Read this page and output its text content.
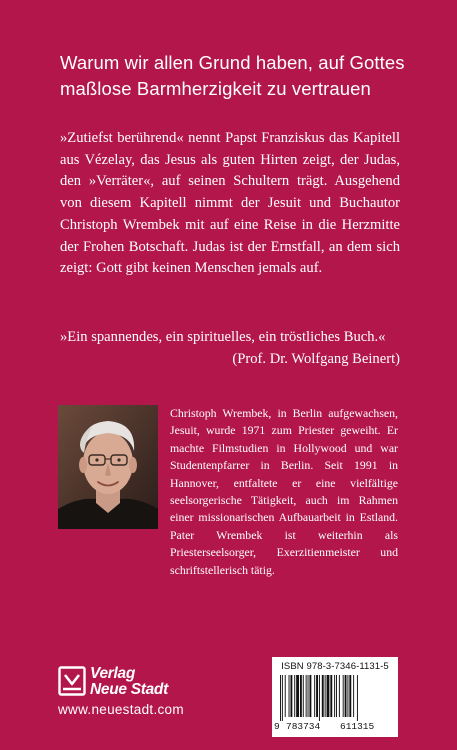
Warum wir allen Grund haben, auf Gottes
maßlose Barmherzigkeit zu vertrauen

»Zutiefst berührend« nennt Papst Franziskus das Kapitell aus Vézelay, das Jesus als guten Hirten zeigt, der Judas, den »Verräter«, auf seinen Schultern trägt. Ausgehend von diesem Kapitell nimmt der Jesuit und Buchautor Christoph Wrembek mit auf eine Reise in die Herzmitte der Frohen Botschaft. Judas ist der Ernstfall, an dem sich zeigt: Gott gibt keinen Menschen jemals auf.

»Ein spannendes, ein spirituelles, ein tröstliches Buch.«
(Prof. Dr. Wolfgang Beinert)
Christoph Wrembek, in Berlin aufgewachsen, Jesuit, wurde 1971 zum Priester geweiht. Er machte Filmstudien in Hollywood und war Studentenpfarrer in Berlin. Seit 1991 in Hannover, entfaltete er eine vielfältige seelsorgerische Tätigkeit, auch im Rahmen einer missionarischen Aufbauarbeit in Estland. Pater Wrembek ist weiterhin als Priesterseelsorger, Exerzitienmeister und schriftstellerisch tätig.
Verlag
Neue Stadt
www.neuestadt.com
ISBN 978-3-7346-1131-5
9 783734 611315
